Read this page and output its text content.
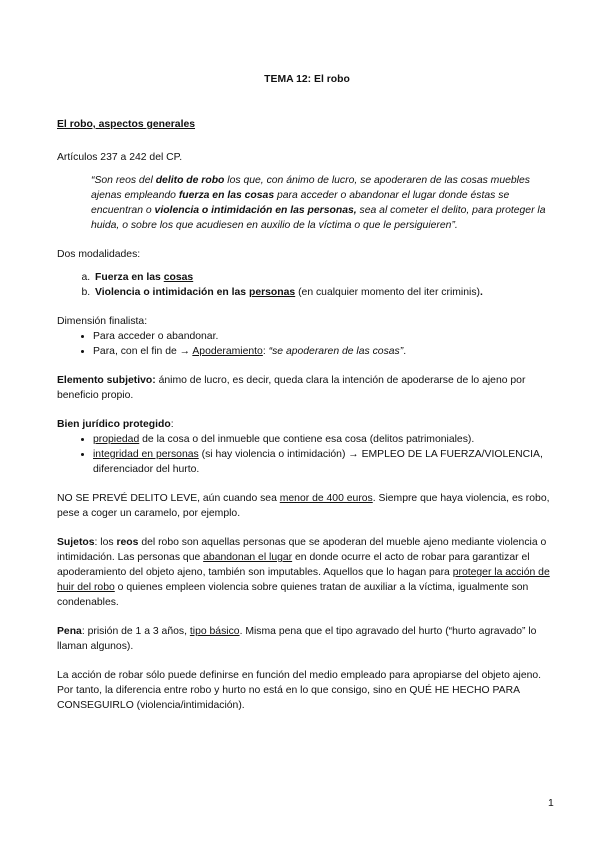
TEMA 12: El robo

El robo, aspectos generales

Artículos 237 a 242 del CP.

“Son reos del delito de robo los que, con ánimo de lucro, se apoderaren de las cosas muebles ajenas empleando fuerza en las cosas para acceder o abandonar el lugar donde éstas se encuentran o violencia o intimidación en las personas, sea al cometer el delito, para proteger la huida, o sobre los que acudiesen en auxilio de la víctima o que le persiguieren”.

Dos modalidades:

a. Fuerza en las cosas
b. Violencia o intimidación en las personas (en cualquier momento del iter criminis).

Dimensión finalista:

• Para acceder o abandonar.
• Para, con el fin de → Apoderamiento: “se apoderaren de las cosas”.

Elemento subjetivo: ánimo de lucro, es decir, queda clara la intención de apoderarse de lo ajeno por beneficio propio.

Bien jurídico protegido:

• propiedad de la cosa o del inmueble que contiene esa cosa (delitos patrimoniales).
• integridad en personas (si hay violencia o intimidación) → EMPLEO DE LA FUERZA/VIOLENCIA, diferenciador del hurto.

NO SE PREVÉ DELITO LEVE, aún cuando sea menor de 400 euros. Siempre que haya violencia, es robo, pese a coger un caramelo, por ejemplo.

Sujetos: los reos del robo son aquellas personas que se apoderan del mueble ajeno mediante violencia o intimidación. Las personas que abandonan el lugar en donde ocurre el acto de robar para garantizar el apoderamiento del objeto ajeno, también son imputables. Aquellos que lo hagan para proteger la acción de huir del robo o quienes empleen violencia sobre quienes tratan de auxiliar a la víctima, igualmente son condenables.

Pena: prisión de 1 a 3 años, tipo básico. Misma pena que el tipo agravado del hurto (“hurto agravado” lo llaman algunos).

La acción de robar sólo puede definirse en función del medio empleado para apropiarse del objeto ajeno. Por tanto, la diferencia entre robo y hurto no está en lo que consigo, sino en QUÉ HE HECHO PARA CONSEGUIRLO (violencia/intimidación).

1
